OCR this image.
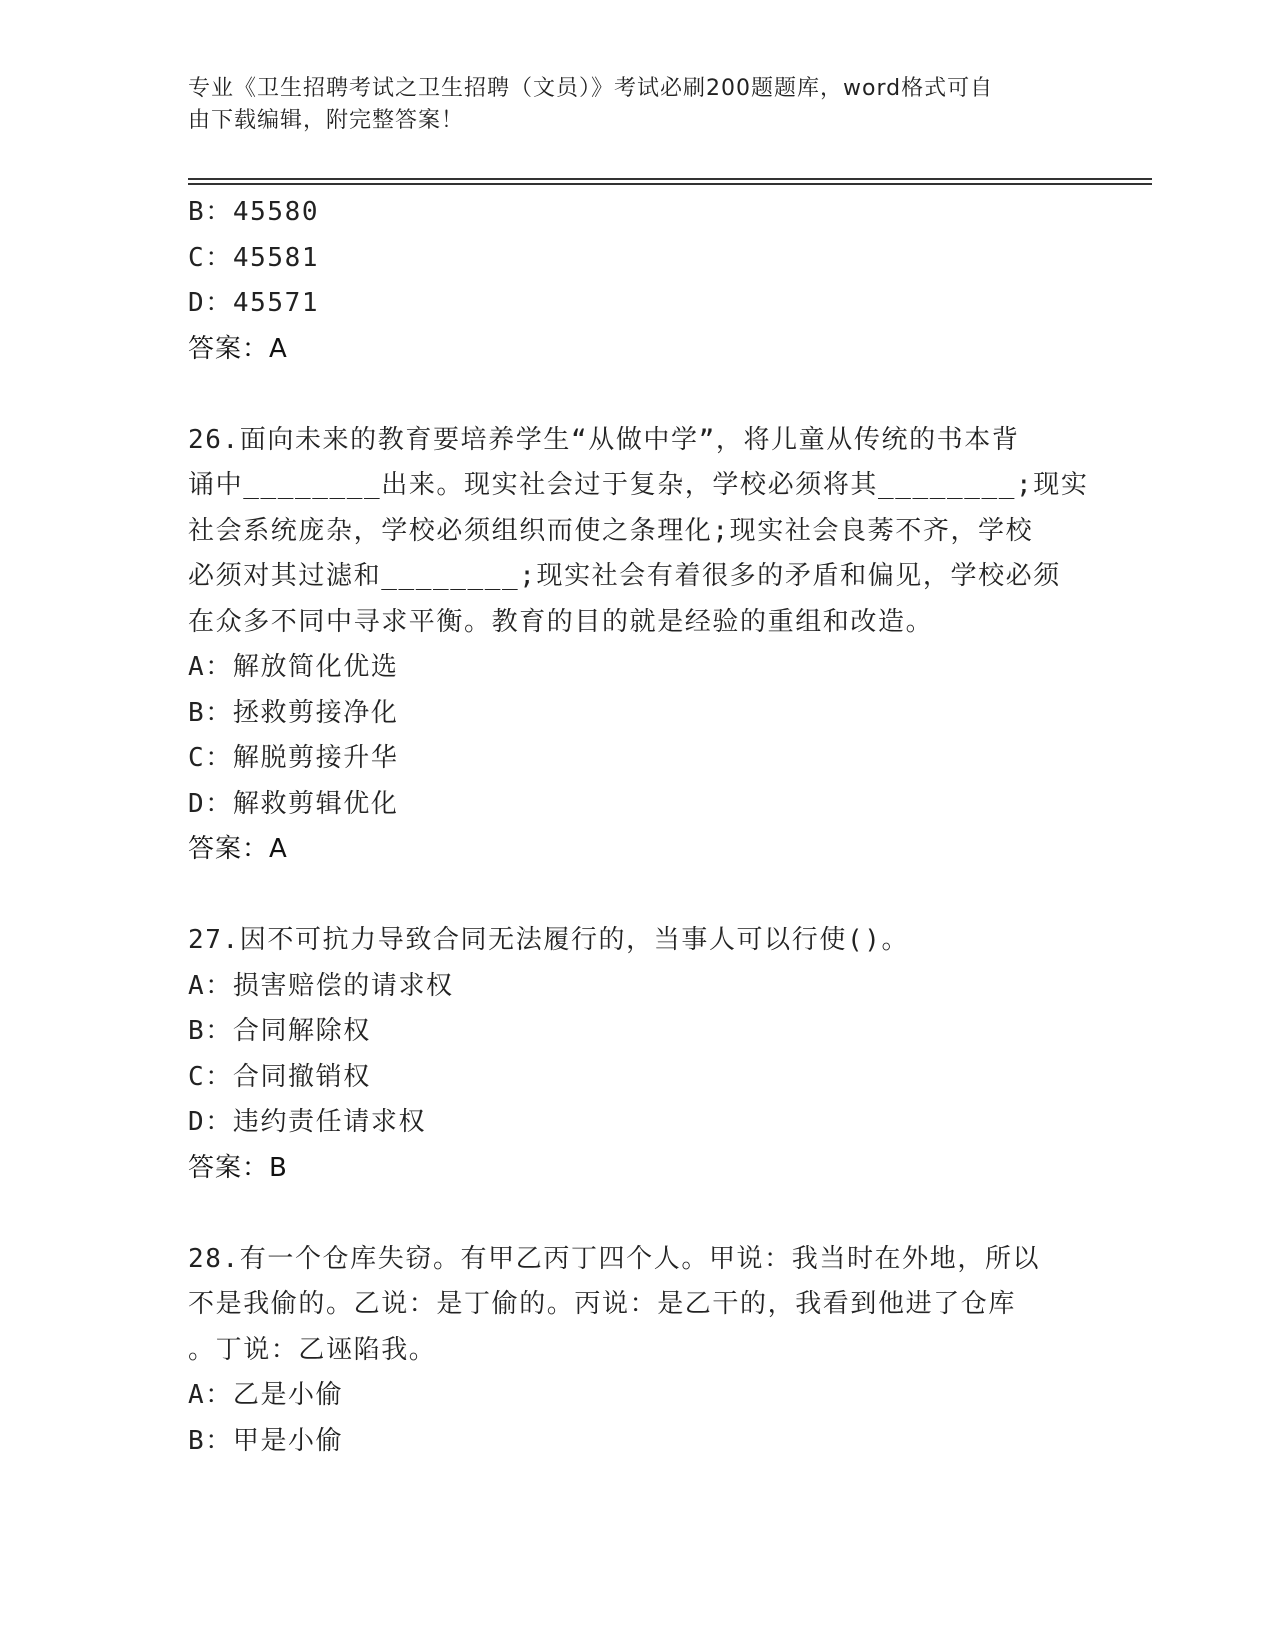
专业《卫生招聘考试之卫生招聘（文员）》考试必刷200题题库，word格式可自
由下载编辑，附完整答案！
B：45580
C：45581
D：45571
答案：A
26.面向未来的教育要培养学生“从做中学”，将儿童从传统的书本背
诵中________出来。现实社会过于复杂，学校必须将其________;现实
社会系统庞杂，学校必须组织而使之条理化;现实社会良莠不齐，学校
必须对其过滤和________;现实社会有着很多的矛盾和偏见，学校必须
在众多不同中寻求平衡。教育的目的就是经验的重组和改造。
A：解放简化优选
B：拯救剪接净化
C：解脱剪接升华
D：解救剪辑优化
答案：A
27.因不可抗力导致合同无法履行的，当事人可以行使()。
A：损害赔偿的请求权
B：合同解除权
C：合同撤销权
D：违约责任请求权
答案：B
28.有一个仓库失窃。有甲乙丙丁四个人。甲说：我当时在外地，所以
不是我偷的。乙说：是丁偷的。丙说：是乙干的，我看到他进了仓库
。丁说：乙诬陷我。
A：乙是小偷
B：甲是小偷
